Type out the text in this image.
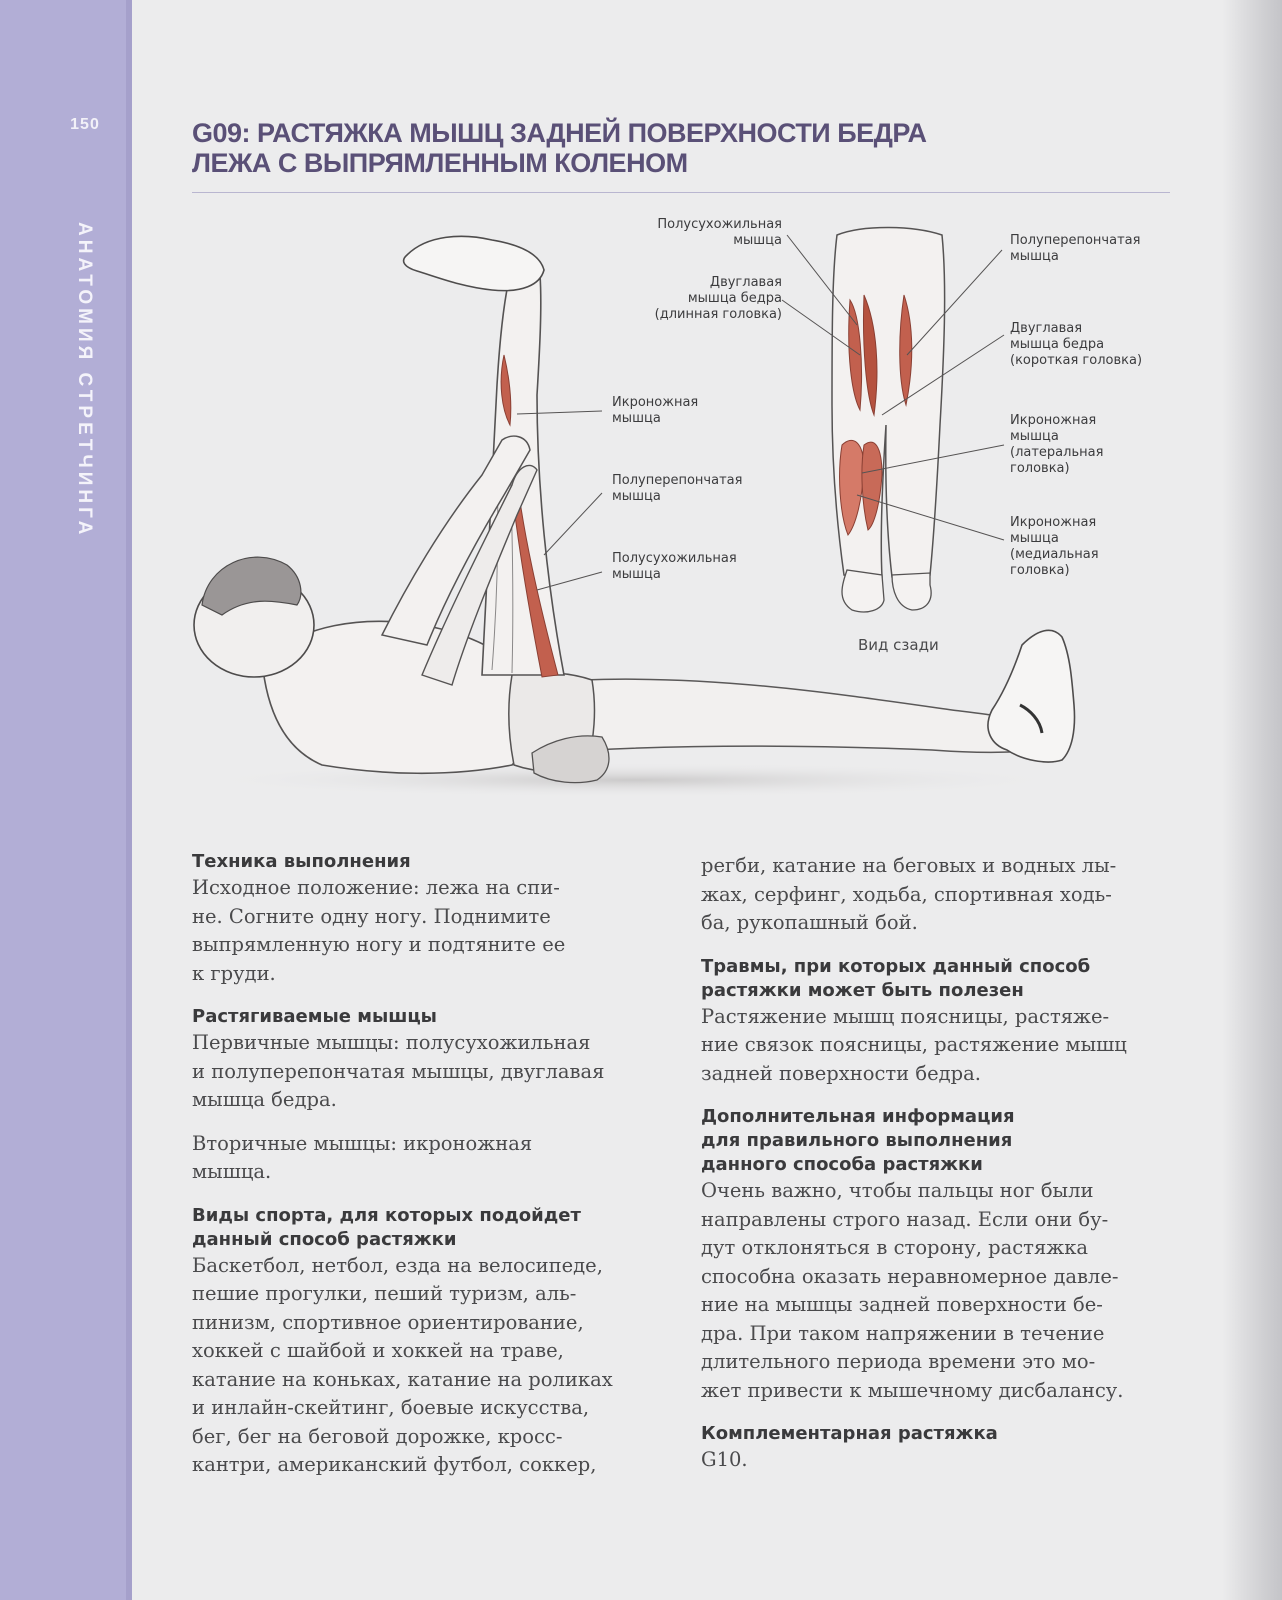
150
АНАТОМИЯ СТРЕТЧИНГА
G09: РАСТЯЖКА МЫШЦ ЗАДНЕЙ ПОВЕРХНОСТИ БЕДРА
ЛЕЖА С ВЫПРЯМЛЕННЫМ КОЛЕНОМ
Икроножная
мышца
Полуперепончатая
мышца
Полусухожильная
мышца
Полусухожильная
мышца
Двуглавая
мышца бедра
(длинная головка)
Полуперепончатая
мышца
Двуглавая
мышца бедра
(короткая головка)
Икроножная
мышца
(латеральная
головка)
Икроножная
мышца
(медиальная
головка)
Вид сзади
Техника выполнения
Исходное положение: лежа на спи-
не. Согните одну ногу. Поднимите
выпрямленную ногу и подтяните ее
к груди.
Растягиваемые мышцы
Первичные мышцы: полусухожильная
и полуперепончатая мышцы, двуглавая
мышца бедра.
Вторичные мышцы: икроножная
мышца.
Виды спорта, для которых подойдет
данный способ растяжки
Баскетбол, нетбол, езда на велосипеде,
пешие прогулки, пеший туризм, аль-
пинизм, спортивное ориентирование,
хоккей с шайбой и хоккей на траве,
катание на коньках, катание на роликах
и инлайн-скейтинг, боевые искусства,
бег, бег на беговой дорожке, кросс-
кантри, американский футбол, соккер,
регби, катание на беговых и водных лы-
жах, серфинг, ходьба, спортивная ходь-
ба, рукопашный бой.
Травмы, при которых данный способ
растяжки может быть полезен
Растяжение мышц поясницы, растяже-
ние связок поясницы, растяжение мышц
задней поверхности бедра.
Дополнительная информация
для правильного выполнения
данного способа растяжки
Очень важно, чтобы пальцы ног были
направлены строго назад. Если они бу-
дут отклоняться в сторону, растяжка
способна оказать неравномерное давле-
ние на мышцы задней поверхности бе-
дра. При таком напряжении в течение
длительного периода времени это мо-
жет привести к мышечному дисбалансу.
Комплементарная растяжка
G10.
